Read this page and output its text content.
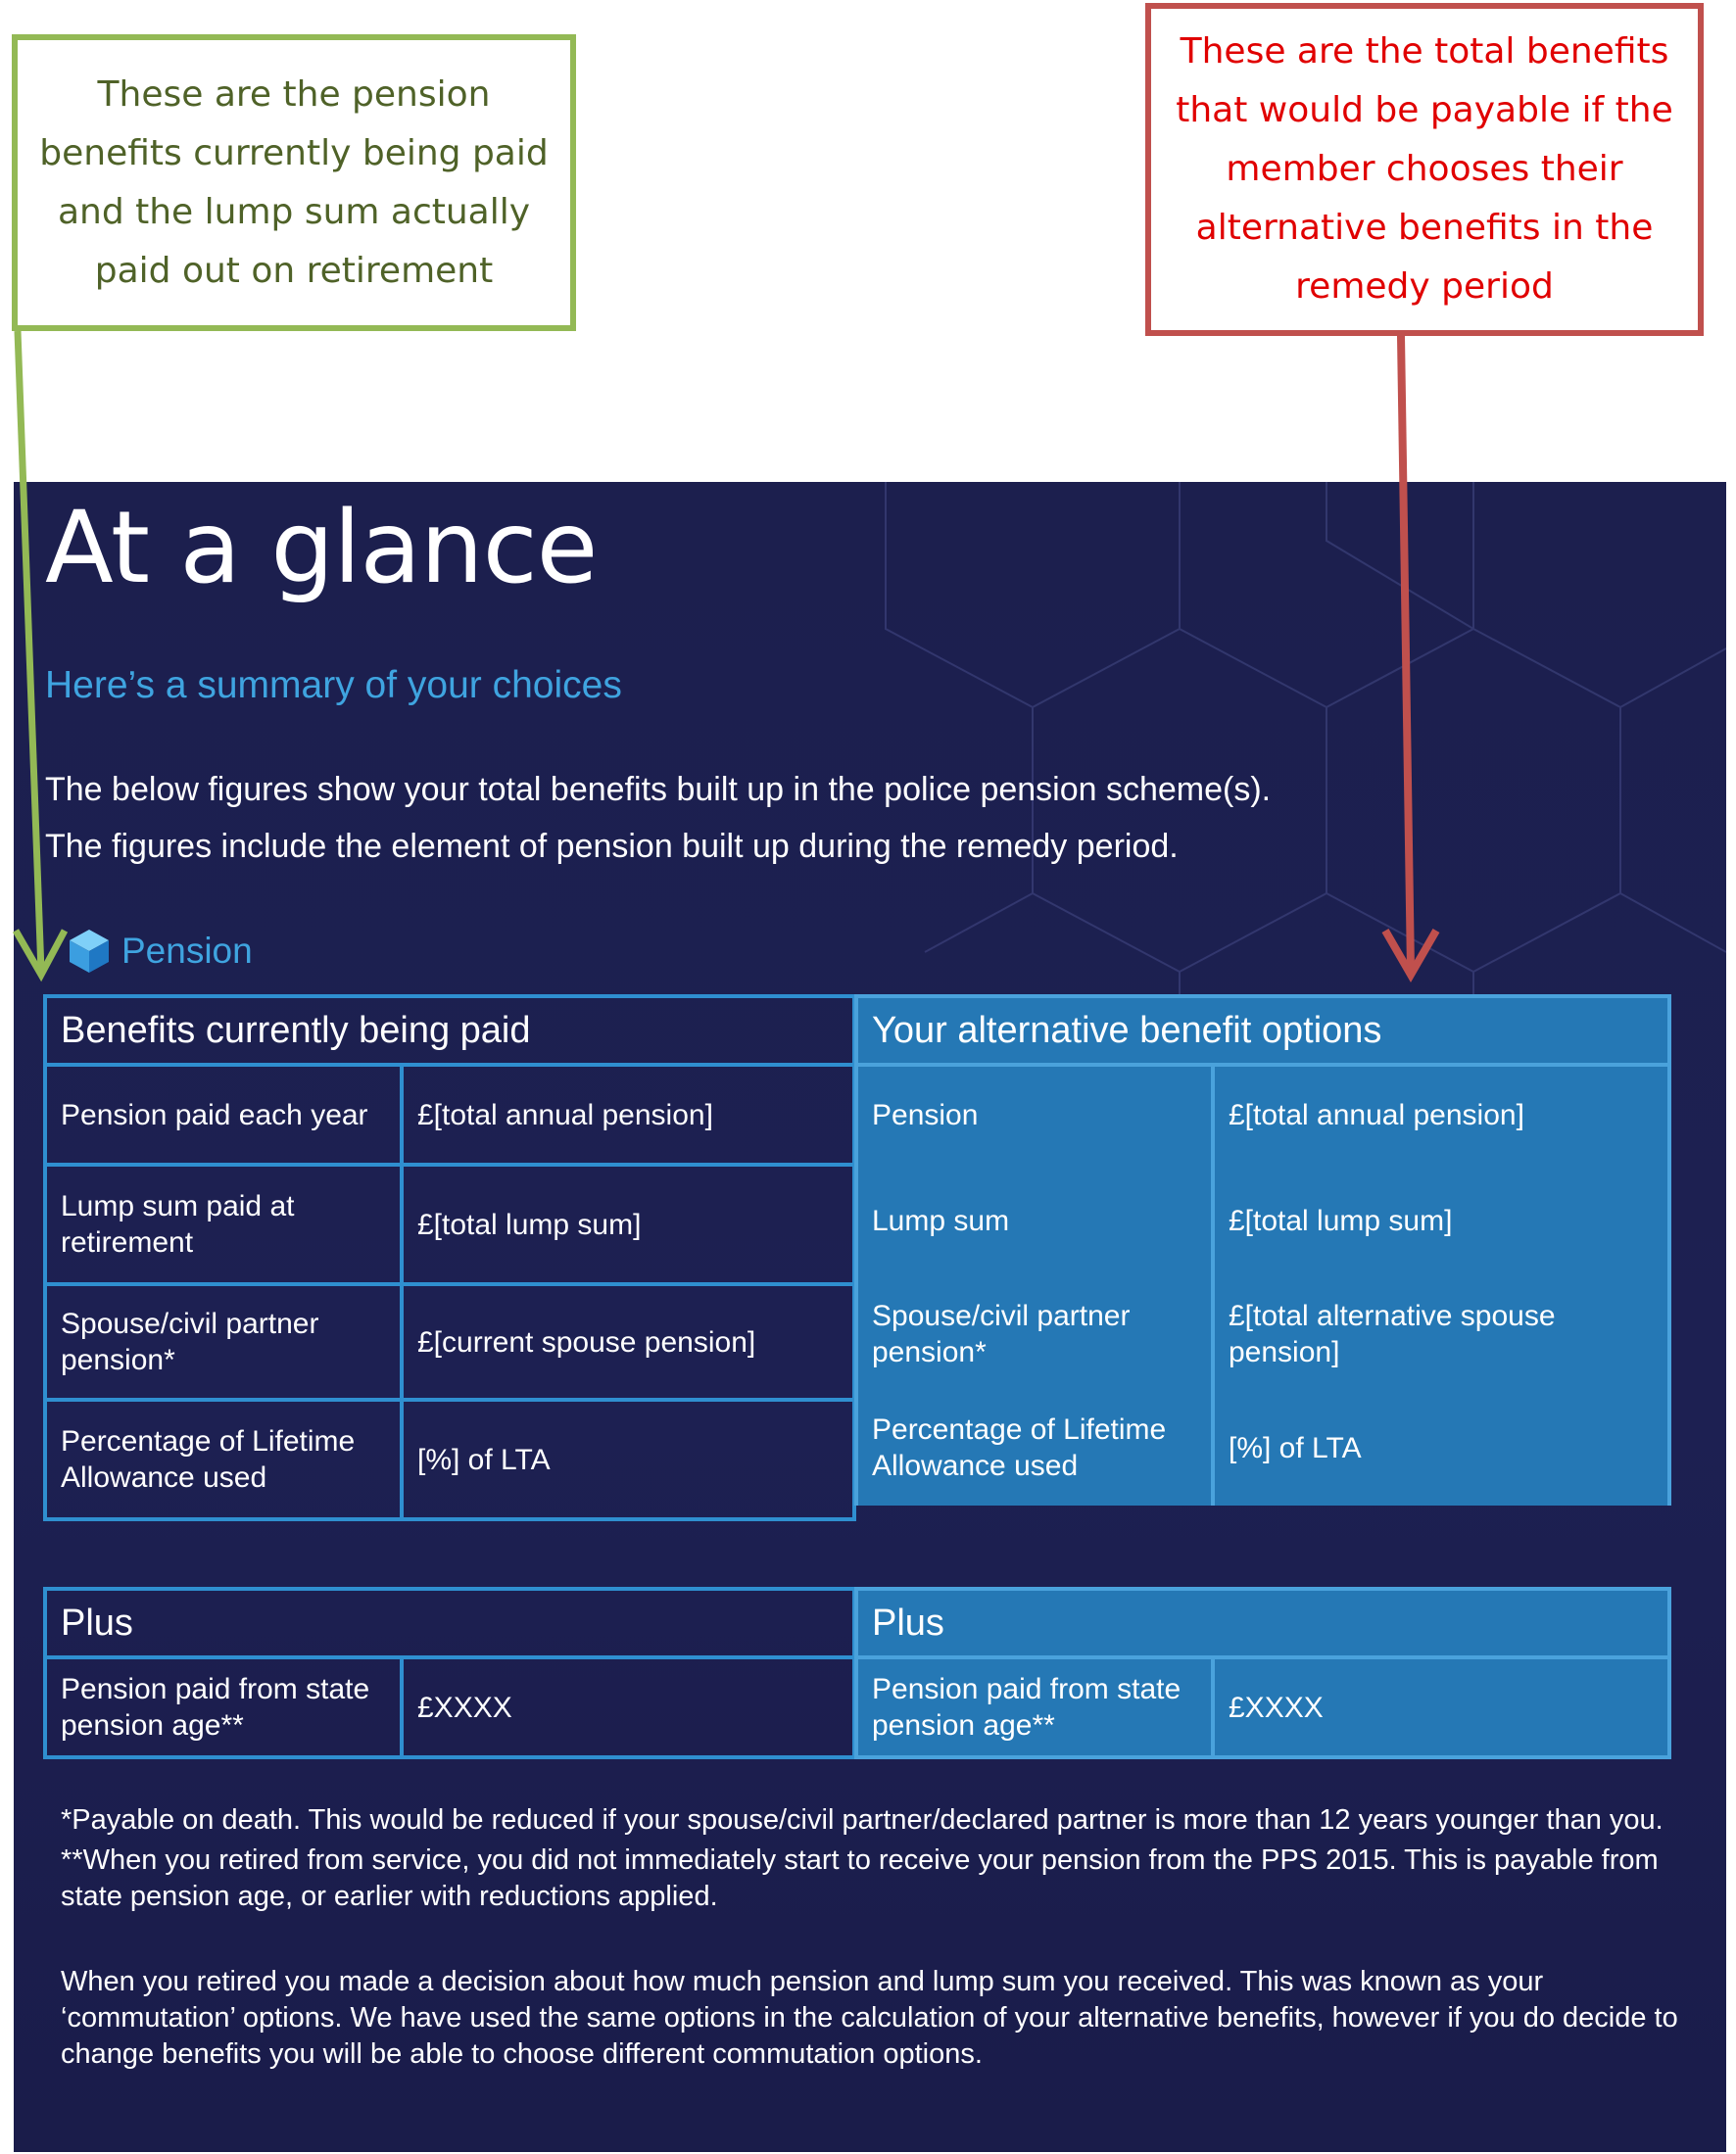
These are the pension benefits currently being paid and the lump sum actually paid out on retirement
These are the total benefits that would be payable if the member chooses their alternative benefits in the remedy period
At a glance

Here’s a summary of your choices

The below figures show your total benefits built up in the police pension scheme(s).
The figures include the element of pension built up during the remedy period.
Pension
Benefits currently being paid	
Pension paid each year	£[total annual pension]
Lump sum paid at retirement	£[total lump sum]
Spouse/civil partner pension*	£[current spouse pension]
Percentage of Lifetime Allowance used	[%] of LTA
Your alternative benefit options	
Pension	£[total annual pension]
Lump sum	£[total lump sum]
Spouse/civil partner pension*	£[total alternative spouse pension]
Percentage of Lifetime Allowance used	[%] of LTA
Plus
Pension paid from state pension age**	£XXXX
Plus
Pension paid from state pension age**	£XXXX

*Payable on death. This would be reduced if your spouse/civil partner/declared partner is more than 12 years younger than you.

**When you retired from service, you did not immediately start to receive your pension from the PPS 2015. This is payable from state pension age, or earlier with reductions applied.

When you retired you made a decision about how much pension and lump sum you received. This was known as your ‘commutation’ options. We have used the same options in the calculation of your alternative benefits, however if you do decide to change benefits you will be able to choose different commutation options.
